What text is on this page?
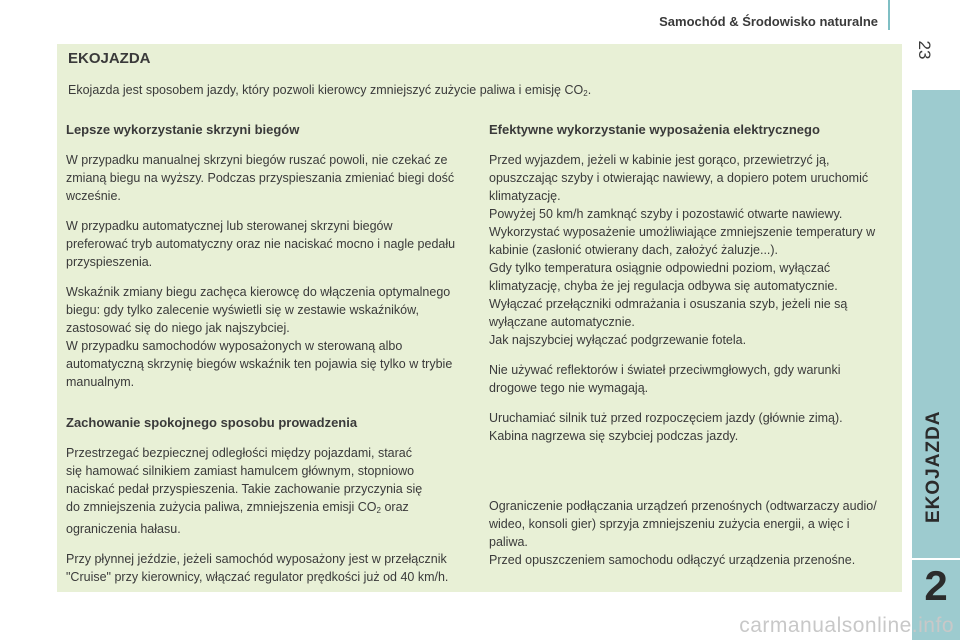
Samochód & Środowisko naturalne
23
EKOJAZDA
2
EKOJAZDA

Ekojazda jest sposobem jazdy, który pozwoli kierowcy zmniejszyć zużycie paliwa i emisję $CO_2$.

Lepsze wykorzystanie skrzyni biegów

W przypadku manualnej skrzyni biegów ruszać powoli, nie czekać ze
zmianą biegu na wyższy. Podczas przyspieszania zmieniać biegi dość
wcześnie.

W przypadku automatycznej lub sterowanej skrzyni biegów
preferować tryb automatyczny oraz nie naciskać mocno i nagle pedału
przyspieszenia.

Wskaźnik zmiany biegu zachęca kierowcę do włączenia optymalnego
biegu: gdy tylko zalecenie wyświetli się w zestawie wskaźników,
zastosować się do niego jak najszybciej.
W przypadku samochodów wyposażonych w sterowaną albo
automatyczną skrzynię biegów wskaźnik ten pojawia się tylko w trybie
manualnym.

Zachowanie spokojnego sposobu prowadzenia

Przestrzegać bezpiecznej odległości między pojazdami, starać
się hamować silnikiem zamiast hamulcem głównym, stopniowo
naciskać pedał przyspieszenia. Takie zachowanie przyczynia się
do zmniejszenia zużycia paliwa, zmniejszenia emisji $CO_2$ oraz
ograniczenia hałasu.

Przy płynnej jeździe, jeżeli samochód wyposażony jest w przełącznik
"Cruise" przy kierownicy, włączać regulator prędkości już od 40 km/h.

Efektywne wykorzystanie wyposażenia elektrycznego

Przed wyjazdem, jeżeli w kabinie jest gorąco, przewietrzyć ją,
opuszczając szyby i otwierając nawiewy, a dopiero potem uruchomić
klimatyzację.
Powyżej 50 km/h zamknąć szyby i pozostawić otwarte nawiewy.
Wykorzystać wyposażenie umożliwiające zmniejszenie temperatury w
kabinie (zasłonić otwierany dach, założyć żaluzje...).
Gdy tylko temperatura osiągnie odpowiedni poziom, wyłączać
klimatyzację, chyba że jej regulacja odbywa się automatycznie.
Wyłączać przełączniki odmrażania i osuszania szyb, jeżeli nie są
wyłączane automatycznie.
Jak najszybciej wyłączać podgrzewanie fotela.

Nie używać reflektorów i świateł przeciwmgłowych, gdy warunki
drogowe tego nie wymagają.

Uruchamiać silnik tuż przed rozpoczęciem jazdy (głównie zimą).
Kabina nagrzewa się szybciej podczas jazdy.

Ograniczenie podłączania urządzeń przenośnych (odtwarzaczy audio/
wideo, konsoli gier) sprzyja zmniejszeniu zużycia energii, a więc i
paliwa.
Przed opuszczeniem samochodu odłączyć urządzenia przenośne.

carmanualsonline.info
